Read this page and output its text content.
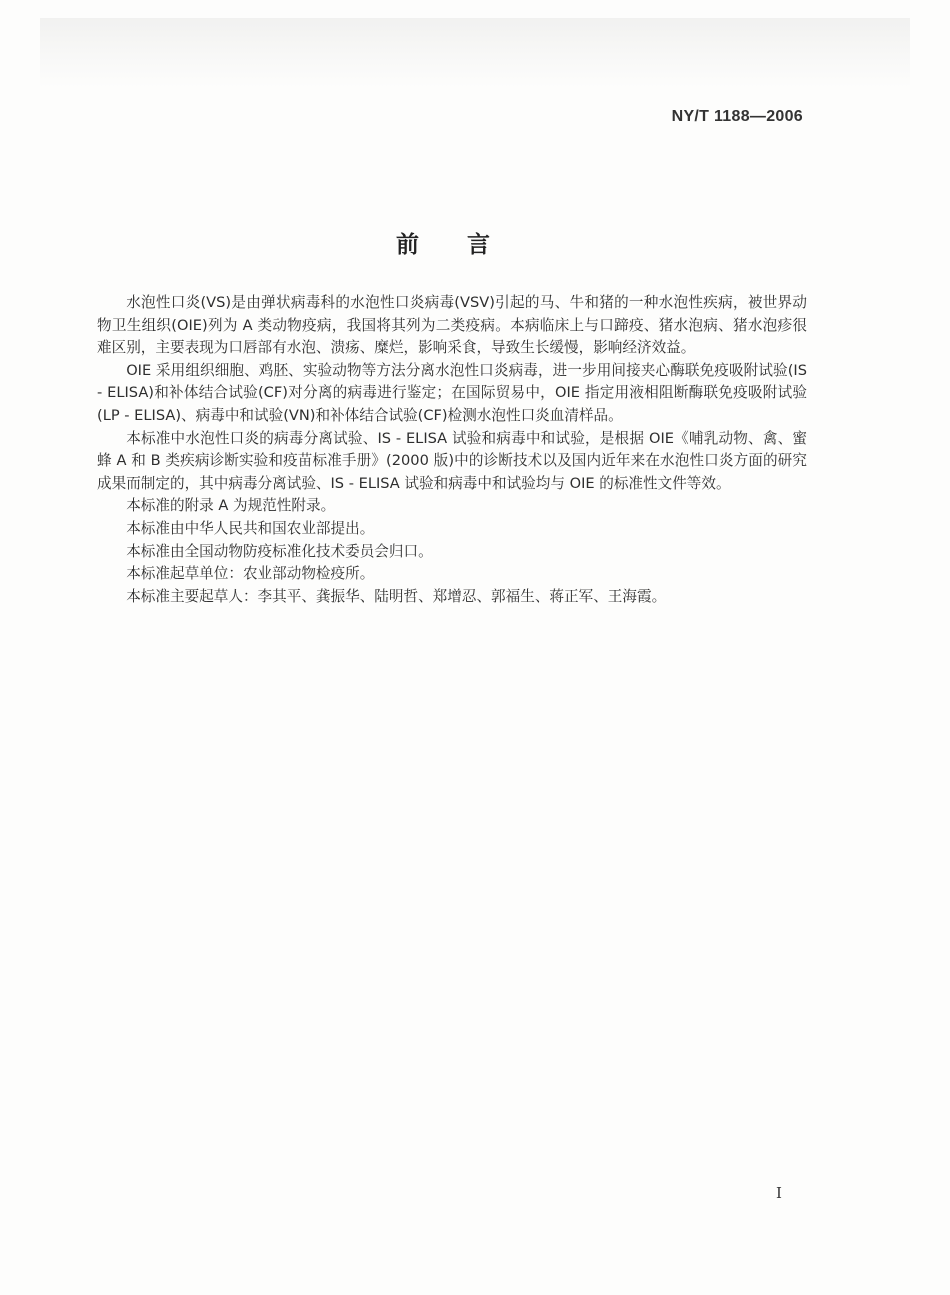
NY/T 1188—2006
前言

水泡性口炎(VS)是由弹状病毒科的水泡性口炎病毒(VSV)引起的马、牛和猪的一种水泡性疾病，被世界动物卫生组织(OIE)列为 A 类动物疫病，我国将其列为二类疫病。本病临床上与口蹄疫、猪水泡病、猪水泡疹很难区别，主要表现为口唇部有水泡、溃疡、糜烂，影响采食，导致生长缓慢，影响经济效益。

OIE 采用组织细胞、鸡胚、实验动物等方法分离水泡性口炎病毒，进一步用间接夹心酶联免疫吸附试验(IS - ELISA)和补体结合试验(CF)对分离的病毒进行鉴定；在国际贸易中，OIE 指定用液相阻断酶联免疫吸附试验(LP - ELISA)、病毒中和试验(VN)和补体结合试验(CF)检测水泡性口炎血清样品。

本标准中水泡性口炎的病毒分离试验、IS - ELISA 试验和病毒中和试验，是根据 OIE《哺乳动物、禽、蜜蜂 A 和 B 类疾病诊断实验和疫苗标准手册》(2000 版)中的诊断技术以及国内近年来在水泡性口炎方面的研究成果而制定的，其中病毒分离试验、IS - ELISA 试验和病毒中和试验均与 OIE 的标准性文件等效。

本标准的附录 A 为规范性附录。

本标准由中华人民共和国农业部提出。

本标准由全国动物防疫标准化技术委员会归口。

本标准起草单位：农业部动物检疫所。

本标准主要起草人：李其平、龚振华、陆明哲、郑增忍、郭福生、蒋正军、王海霞。

I
